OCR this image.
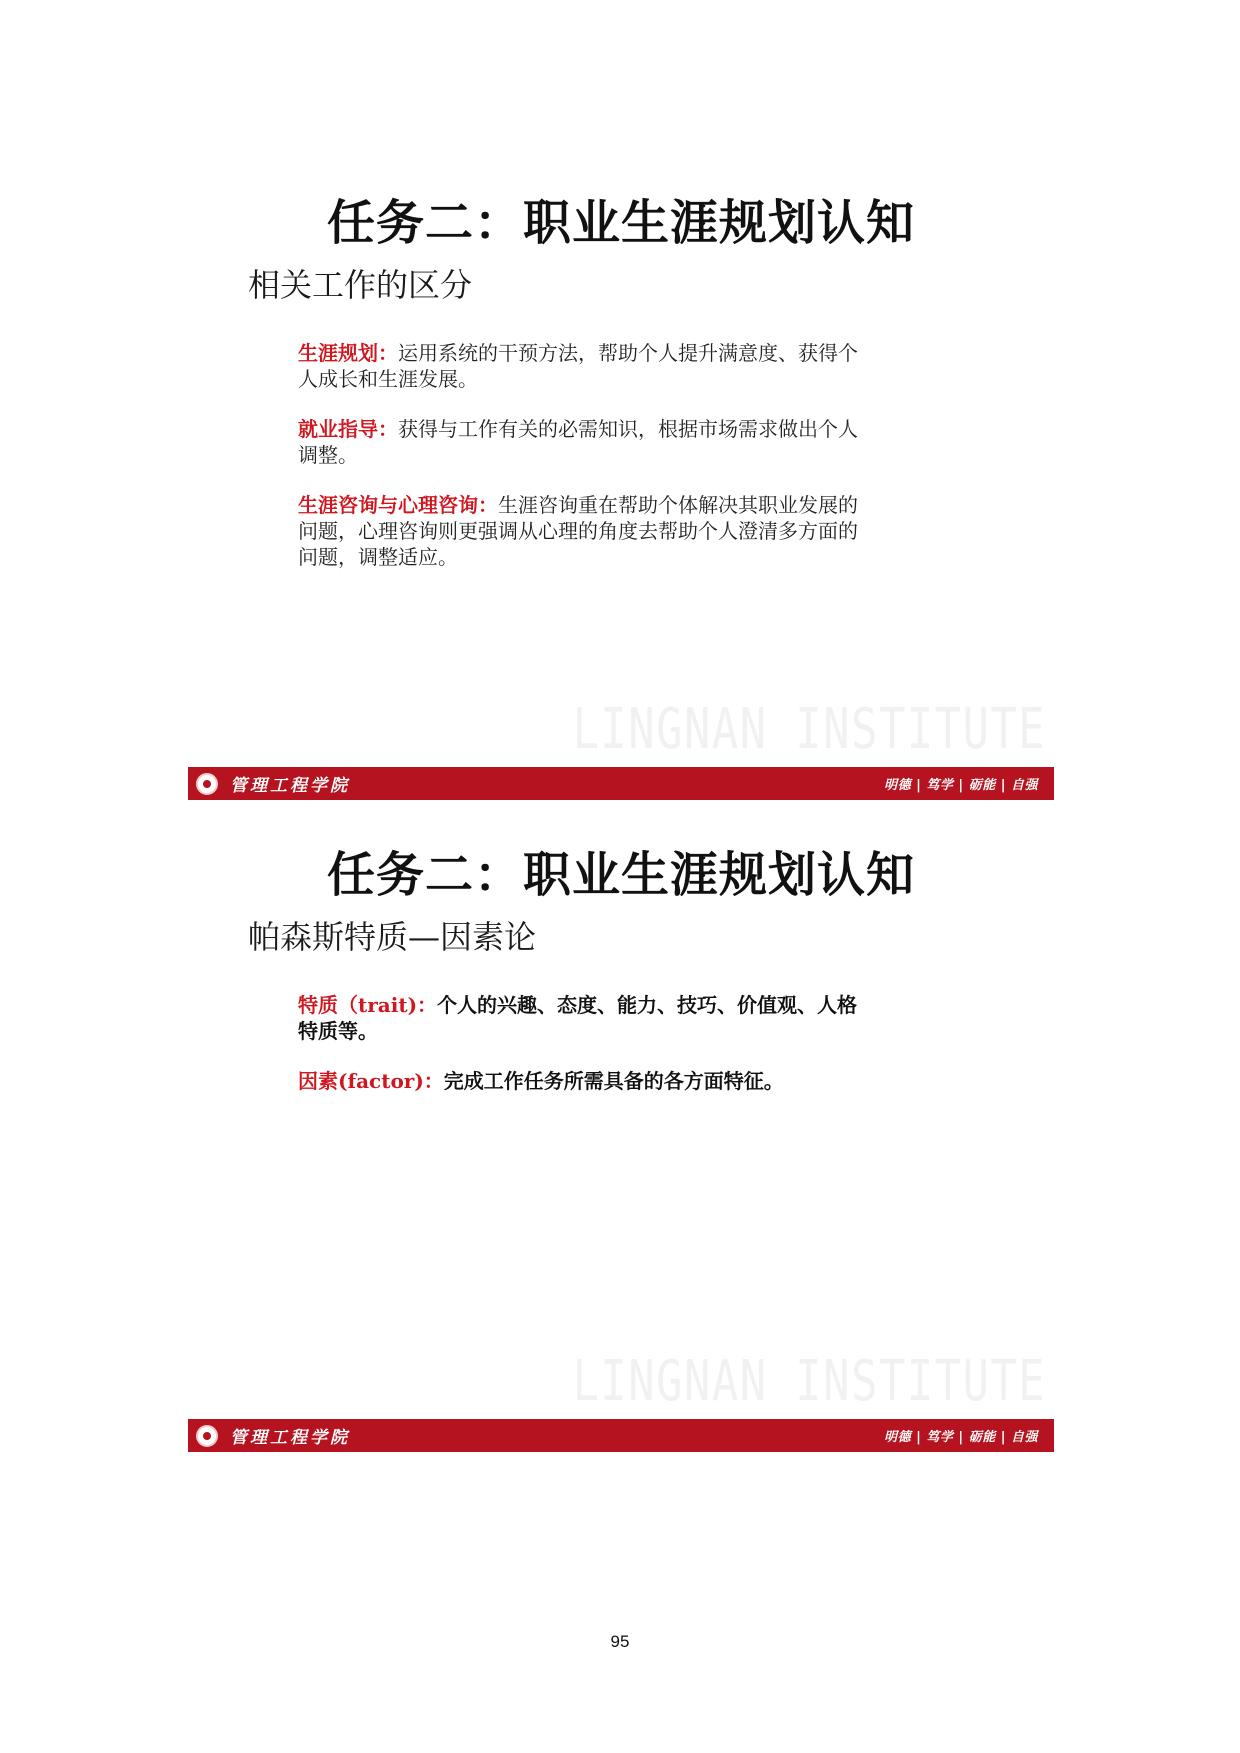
任务二：职业生涯规划认知
相关工作的区分

生涯规划：运用系统的干预方法，帮助个人提升满意度、获得个人成长和生涯发展。

就业指导：获得与工作有关的必需知识，根据市场需求做出个人调整。

生涯咨询与心理咨询：生涯咨询重在帮助个体解决其职业发展的问题，心理咨询则更强调从心理的角度去帮助个人澄清多方面的问题，调整适应。

LINGNAN INSTITUTE
管理工程学院	明德 | 笃学 | 砺能 | 自强
任务二：职业生涯规划认知
帕森斯特质—因素论

特质（trait)：个人的兴趣、态度、能力、技巧、价值观、人格特质等。

因素(factor)：完成工作任务所需具备的各方面特征。

LINGNAN INSTITUTE
管理工程学院	明德 | 笃学 | 砺能 | 自强
95
